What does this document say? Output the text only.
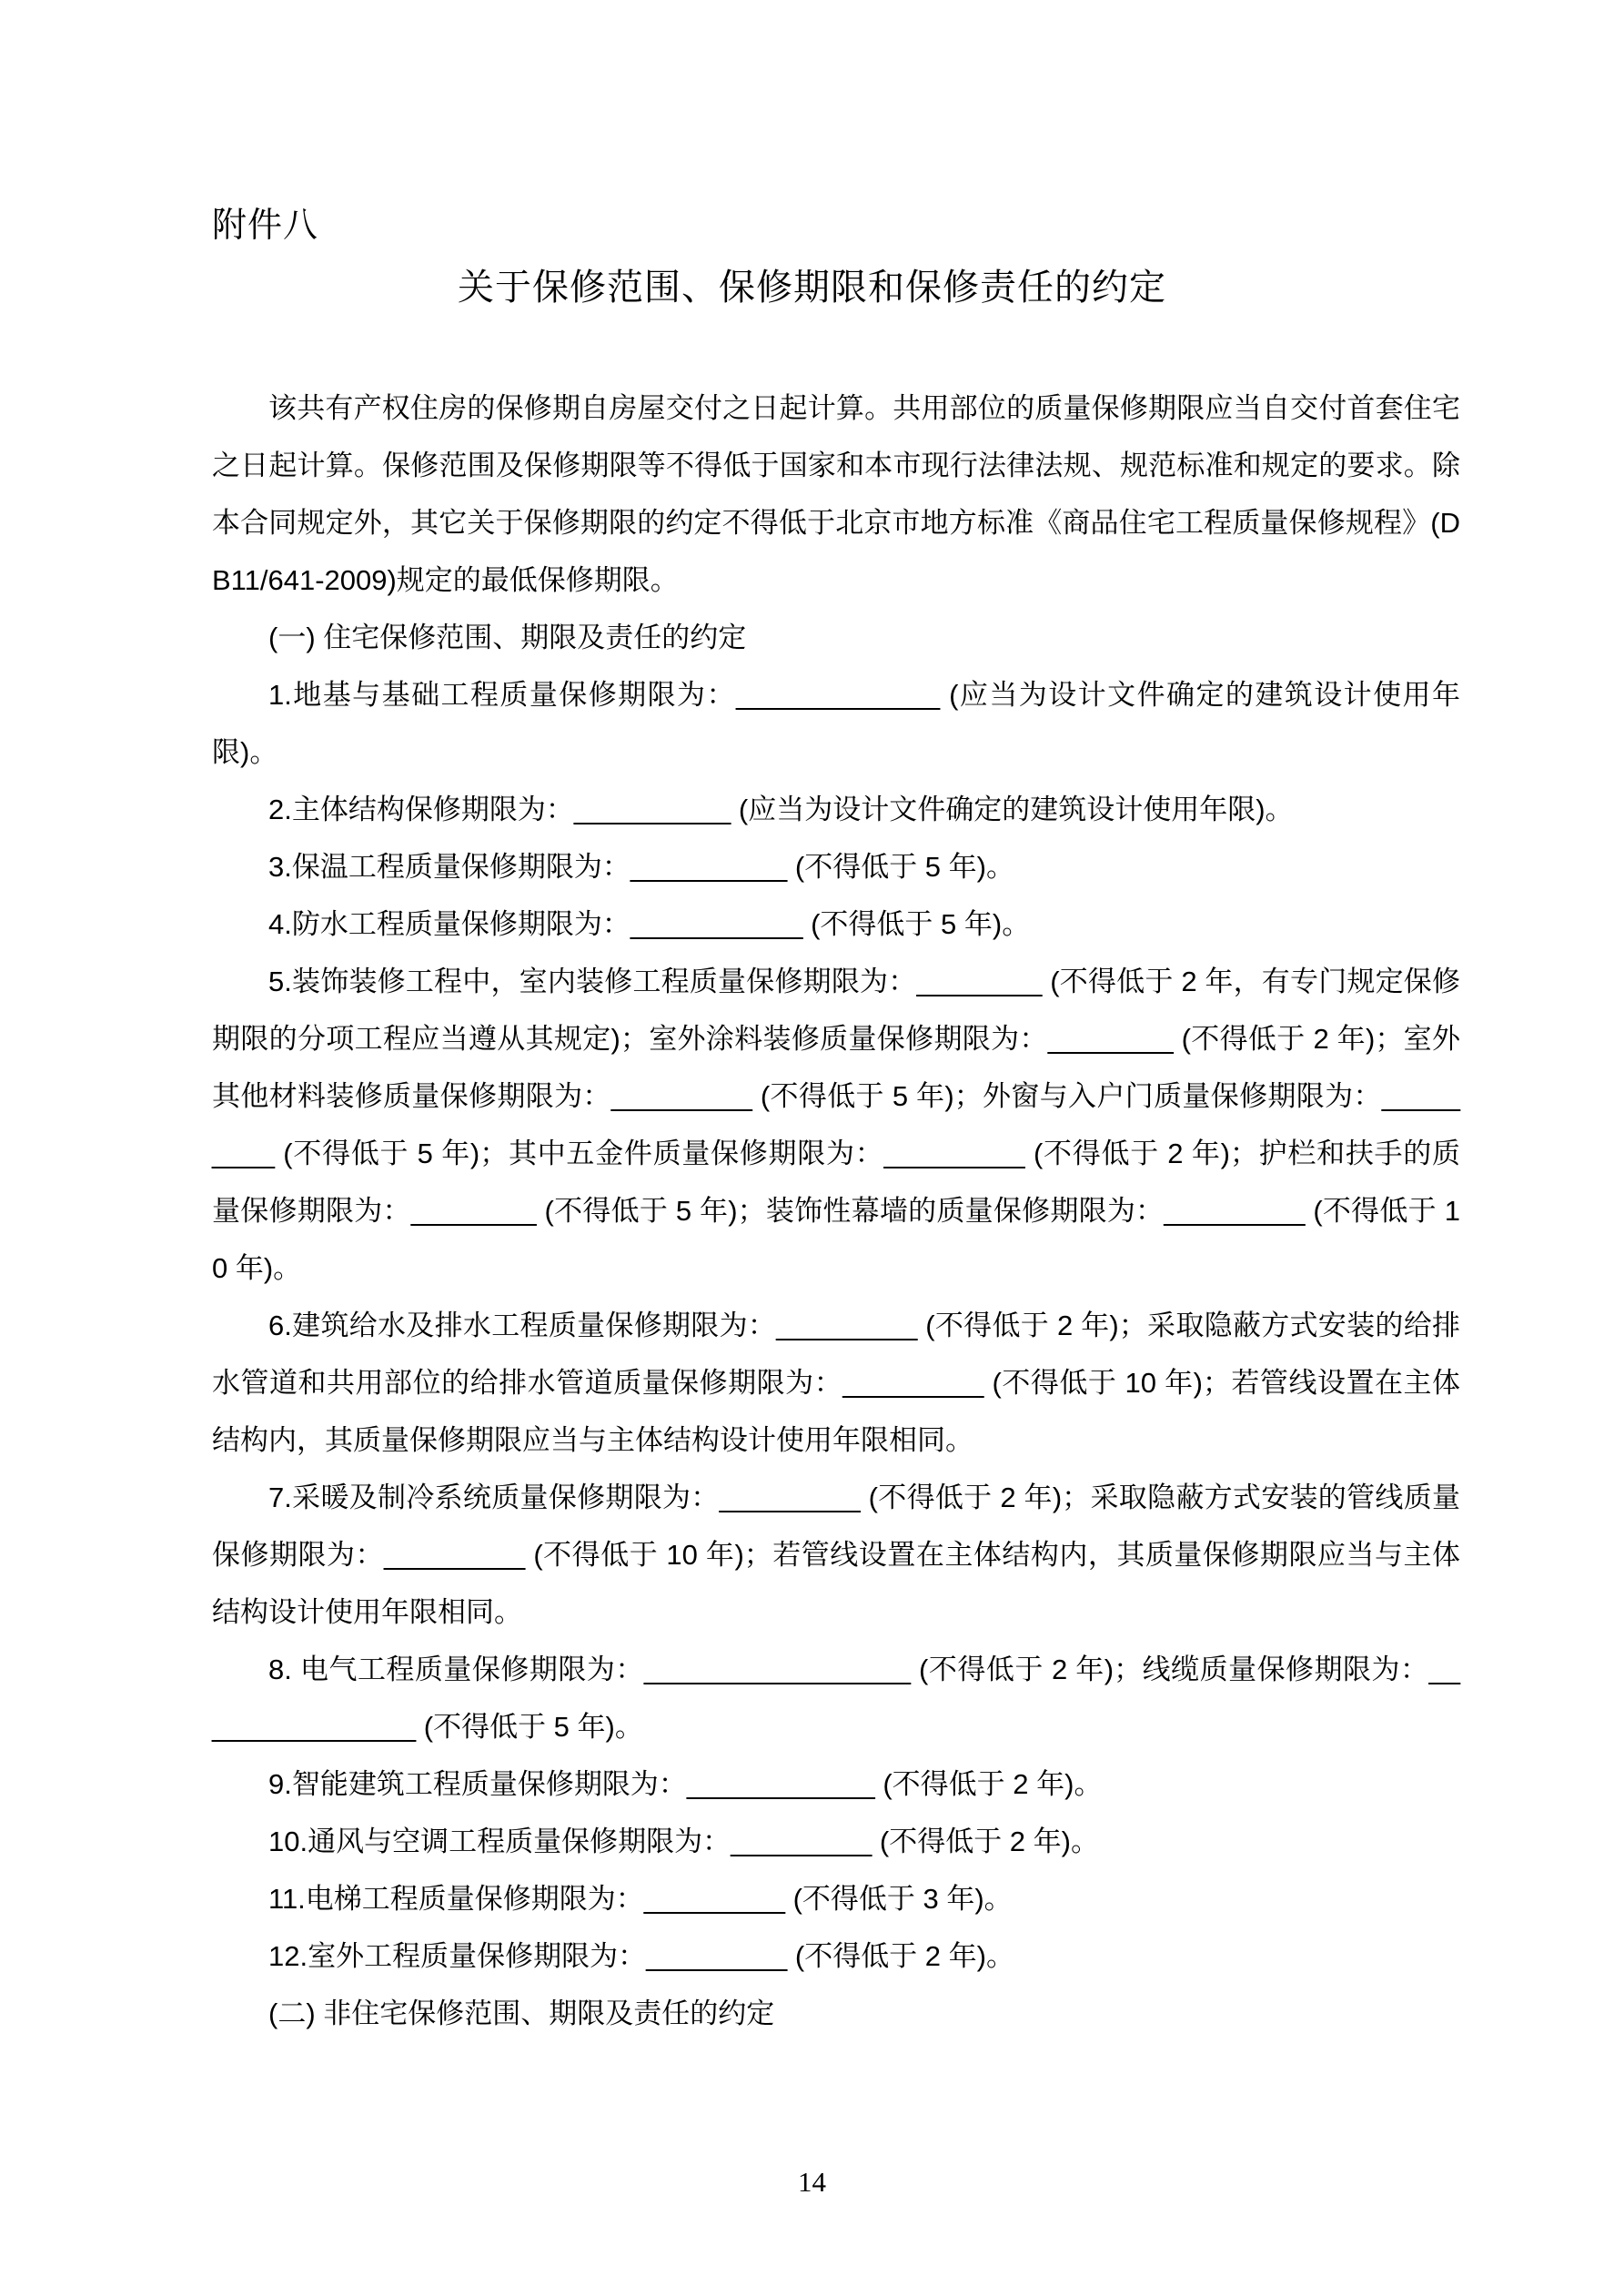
附件八
关于保修范围、保修期限和保修责任的约定

该共有产权住房的保修期自房屋交付之日起计算。共用部位的质量保修期限应当自交付首套住宅之日起计算。保修范围及保修期限等不得低于国家和本市现行法律法规、规范标准和规定的要求。除本合同规定外，其它关于保修期限的约定不得低于北京市地方标准《商品住宅工程质量保修规程》(DB11/641-2009)规定的最低保修期限。

(一) 住宅保修范围、期限及责任的约定

1.地基与基础工程质量保修期限为：_____________ (应当为设计文件确定的建筑设计使用年限)。

2.主体结构保修期限为：__________ (应当为设计文件确定的建筑设计使用年限)。

3.保温工程质量保修期限为：__________ (不得低于 5 年)。

4.防水工程质量保修期限为：___________ (不得低于 5 年)。

5.装饰装修工程中，室内装修工程质量保修期限为：________ (不得低于 2 年，有专门规定保修期限的分项工程应当遵从其规定)；室外涂料装修质量保修期限为：________ (不得低于 2 年)；室外其他材料装修质量保修期限为：_________ (不得低于 5 年)；外窗与入户门质量保修期限为：_________ (不得低于 5 年)；其中五金件质量保修期限为：_________ (不得低于 2 年)；护栏和扶手的质量保修期限为：________ (不得低于 5 年)；装饰性幕墙的质量保修期限为：_________ (不得低于 10 年)。

6.建筑给水及排水工程质量保修期限为：_________ (不得低于 2 年)；采取隐蔽方式安装的给排水管道和共用部位的给排水管道质量保修期限为：_________ (不得低于 10 年)；若管线设置在主体结构内，其质量保修期限应当与主体结构设计使用年限相同。

7.采暖及制冷系统质量保修期限为：_________ (不得低于 2 年)；采取隐蔽方式安装的管线质量保修期限为：_________ (不得低于 10 年)；若管线设置在主体结构内，其质量保修期限应当与主体结构设计使用年限相同。

8. 电气工程质量保修期限为：_________________ (不得低于 2 年)；线缆质量保修期限为：_______________ (不得低于 5 年)。

9.智能建筑工程质量保修期限为：____________ (不得低于 2 年)。

10.通风与空调工程质量保修期限为：_________ (不得低于 2 年)。

11.电梯工程质量保修期限为：_________ (不得低于 3 年)。

12.室外工程质量保修期限为：_________ (不得低于 2 年)。

(二) 非住宅保修范围、期限及责任的约定

14
